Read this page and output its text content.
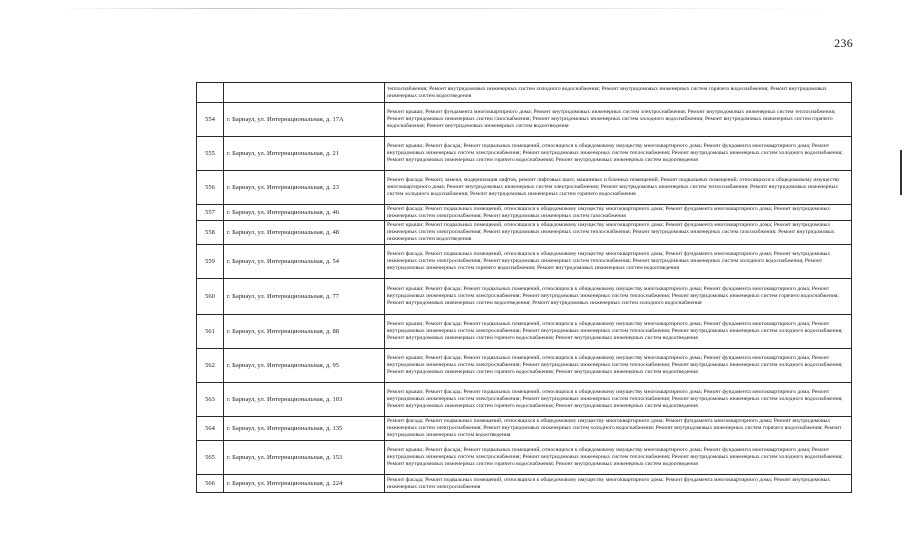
236
		теплоснабжения; Ремонт внутридомовых инженерных систем холодного водоснабжения; Ремонт внутридомовых инженерных систем горячего водоснабжения; Ремонт внутридомовых инженерных систем водоотведения
554	г. Барнаул, ул. Интернациональная, д. 17А	Ремонт крыши; Ремонт фундамента многоквартирного дома; Ремонт внутридомовых инженерных систем электроснабжения; Ремонт внутридомовых инженерных систем теплоснабжения; Ремонт внутридомовых инженерных систем газоснабжения; Ремонт внутридомовых инженерных систем холодного водоснабжения; Ремонт внутридомовых инженерных систем горячего водоснабжения; Ремонт внутридомовых инженерных систем водоотведения
555	г. Барнаул, ул. Интернациональная, д. 21	Ремонт крыши; Ремонт фасада; Ремонт подвальных помещений, относящихся к общедомовому имуществу многоквартирного дома; Ремонт фундамента многоквартирного дома; Ремонт внутридомовых инженерных систем электроснабжения; Ремонт внутридомовых инженерных систем теплоснабжения; Ремонт внутридомовых инженерных систем холодного водоснабжения; Ремонт внутридомовых инженерных систем горячего водоснабжения; Ремонт внутридомовых инженерных систем водоотведения
556	г. Барнаул, ул. Интернациональная, д. 23	Ремонт фасада; Ремонт, замена, модернизация лифтов, ремонт лифтовых шахт, машинных и блочных помещений; Ремонт подвальных помещений, относящихся к общедомовому имуществу многоквартирного дома; Ремонт внутридомовых инженерных систем электроснабжения; Ремонт внутридомовых инженерных систем теплоснабжения; Ремонт внутридомовых инженерных систем холодного водоснабжения; Ремонт внутридомовых инженерных систем горячего водоснабжения
557	г. Барнаул, ул. Интернациональная, д. 46	Ремонт фасада; Ремонт подвальных помещений, относящихся к общедомовому имуществу многоквартирного дома; Ремонт фундамента многоквартирного дома; Ремонт внутридомовых инженерных систем электроснабжения; Ремонт внутридомовых инженерных систем газоснабжения
558	г. Барнаул, ул. Интернациональная, д. 48	Ремонт крыши; Ремонт подвальных помещений, относящихся к общедомовому имуществу многоквартирного дома; Ремонт фундамента многоквартирного дома; Ремонт внутридомовых инженерных систем электроснабжения; Ремонт внутридомовых инженерных систем теплоснабжения; Ремонт внутридомовых инженерных систем газоснабжения; Ремонт внутридомовых инженерных систем водоотведения
559	г. Барнаул, ул. Интернациональная, д. 54	Ремонт фасада; Ремонт подвальных помещений, относящихся к общедомовому имуществу многоквартирного дома; Ремонт фундамента многоквартирного дома; Ремонт внутридомовых инженерных систем электроснабжения; Ремонт внутридомовых инженерных систем теплоснабжения; Ремонт внутридомовых инженерных систем холодного водоснабжения; Ремонт внутридомовых инженерных систем горячего водоснабжения; Ремонт внутридомовых инженерных систем водоотведения
560	г. Барнаул, ул. Интернациональная, д. 77	Ремонт крыши; Ремонт фасада; Ремонт подвальных помещений, относящихся к общедомовому имуществу многоквартирного дома; Ремонт фундамента многоквартирного дома; Ремонт внутридомовых инженерных систем электроснабжения; Ремонт внутридомовых инженерных систем теплоснабжения; Ремонт внутридомовых инженерных систем горячего водоснабжения; Ремонт внутридомовых инженерных систем водоотведения; Ремонт внутридомовых инженерных систем холодного водоснабжения
561	г. Барнаул, ул. Интернациональная, д. 88	Ремонт крыши; Ремонт фасада; Ремонт подвальных помещений, относящихся к общедомовому имуществу многоквартирного дома; Ремонт фундамента многоквартирного дома; Ремонт внутридомовых инженерных систем электроснабжения; Ремонт внутридомовых инженерных систем теплоснабжения; Ремонт внутридомовых инженерных систем холодного водоснабжения; Ремонт внутридомовых инженерных систем горячего водоснабжения; Ремонт внутридомовых инженерных систем водоотведения
562	г. Барнаул, ул. Интернациональная, д. 95	Ремонт крыши; Ремонт фасада; Ремонт подвальных помещений, относящихся к общедомовому имуществу многоквартирного дома; Ремонт фундамента многоквартирного дома; Ремонт внутридомовых инженерных систем электроснабжения; Ремонт внутридомовых инженерных систем теплоснабжения; Ремонт внутридомовых инженерных систем холодного водоснабжения; Ремонт внутридомовых инженерных систем горячего водоснабжения; Ремонт внутридомовых инженерных систем водоотведения
563	г. Барнаул, ул. Интернациональная, д. 103	Ремонт крыши; Ремонт фасада; Ремонт подвальных помещений, относящихся к общедомовому имуществу многоквартирного дома; Ремонт фундамента многоквартирного дома; Ремонт внутридомовых инженерных систем электроснабжения; Ремонт внутридомовых инженерных систем теплоснабжения; Ремонт внутридомовых инженерных систем холодного водоснабжения; Ремонт внутридомовых инженерных систем горячего водоснабжения; Ремонт внутридомовых инженерных систем водоотведения
564	г. Барнаул, ул. Интернациональная, д. 135	Ремонт фасада; Ремонт подвальных помещений, относящихся к общедомовому имуществу многоквартирного дома; Ремонт фундамента многоквартирного дома; Ремонт внутридомовых инженерных систем электроснабжения; Ремонт внутридомовых инженерных систем холодного водоснабжения; Ремонт внутридомовых инженерных систем горячего водоснабжения; Ремонт внутридомовых инженерных систем водоотведения
565	г. Барнаул, ул. Интернациональная, д. 153	Ремонт крыши; Ремонт фасада; Ремонт подвальных помещений, относящихся к общедомовому имуществу многоквартирного дома; Ремонт фундамента многоквартирного дома; Ремонт внутридомовых инженерных систем электроснабжения; Ремонт внутридомовых инженерных систем теплоснабжения; Ремонт внутридомовых инженерных систем холодного водоснабжения; Ремонт внутридомовых инженерных систем горячего водоснабжения; Ремонт внутридомовых инженерных систем водоотведения
566	г. Барнаул, ул. Интернациональная, д. 224	Ремонт фасада; Ремонт подвальных помещений, относящихся к общедомовому имуществу многоквартирного дома; Ремонт фундамента многоквартирного дома; Ремонт внутридомовых инженерных систем электроснабжения
